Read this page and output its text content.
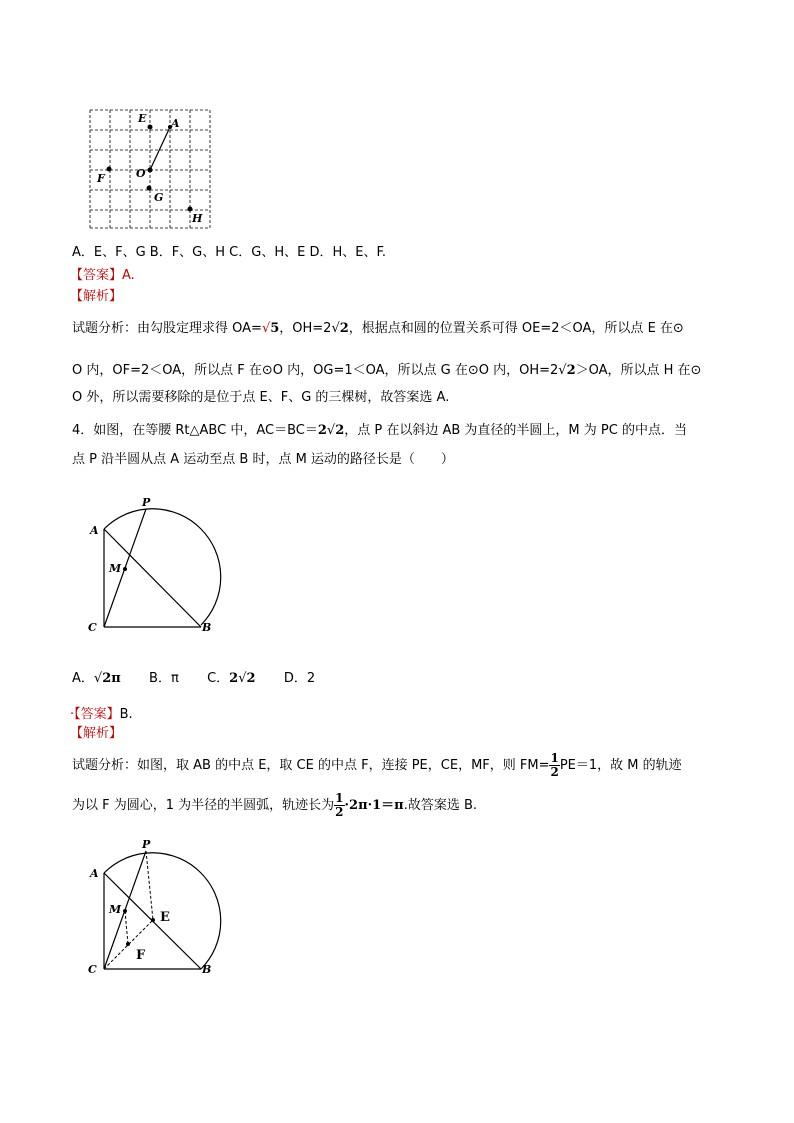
E A
O
F
G
H
A．E、F、G B．F、G、H C．G、H、E D．H、E、F.
【答案】A.
【解析】
试题分析：由勾股定理求得 OA=√5，OH=2√2，根据点和圆的位置关系可得 OE=2＜OA，所以点 E 在⊙
O 内，OF=2＜OA，所以点 F 在⊙O 内，OG=1＜OA，所以点 G 在⊙O 内，OH=2√2＞OA，所以点 H 在⊙
O 外，所以需要移除的是位于点 E、F、G 的三棵树，故答案选 A.
4．如图，在等腰 Rt△ABC 中，AC＝BC＝2√2，点 P 在以斜边 AB 为直径的半圆上，M 为 PC 的中点．当
点 P 沿半圆从点 A 运动至点 B 时，点 M 运动的路径长是（　　）
A
P
M
C	B
A．√2π B．π C．2√2 D．2
·【答案】B.
【解析】
试题分析：如图，取 AB 的中点 E，取 CE 的中点 F，连接 PE，CE，MF，则 $FM= \frac{1}{2} PE=1$，故 M 的轨迹
为以 F 为圆心，1 为半径的半圆弧，轨迹长为 $\frac{1}{2} \cdot 2\pi\cdot 1=\pi$.故答案选 B.
A
P
M
E
F
C	B
